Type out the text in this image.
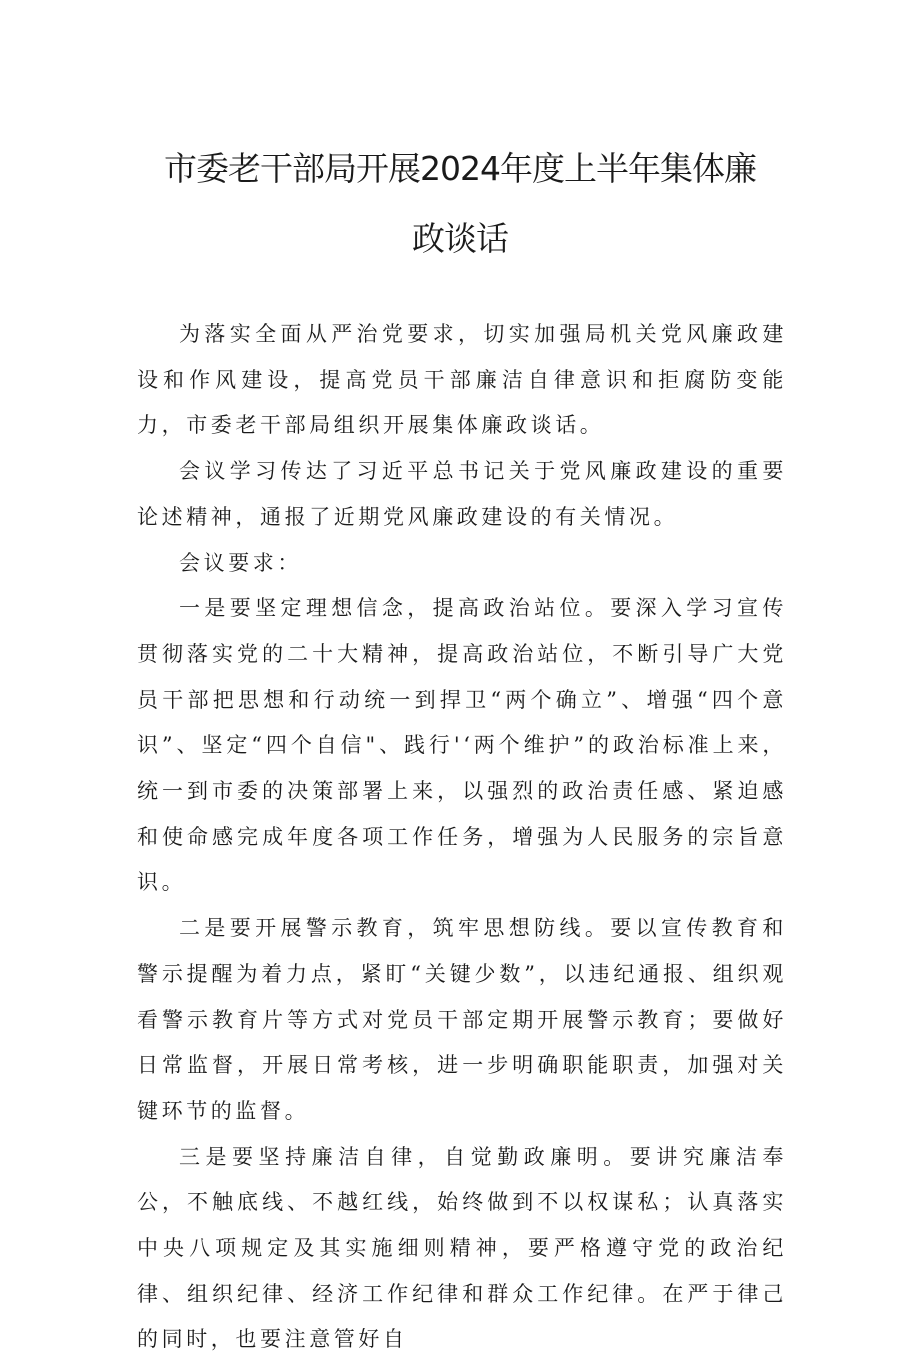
市委老干部局开展2024年度上半年集体廉
政谈话

为落实全面从严治党要求，切实加强局机关党风廉政建设和作风建设，提高党员干部廉洁自律意识和拒腐防变能力，市委老干部局组织开展集体廉政谈话。

会议学习传达了习近平总书记关于党风廉政建设的重要论述精神，通报了近期党风廉政建设的有关情况。

会议要求：

一是要坚定理想信念，提高政治站位。要深入学习宣传贯彻落实党的二十大精神，提高政治站位，不断引导广大党员干部把思想和行动统一到捍卫“两个确立”、增强“四个意识”、坚定“四个自信"、践行'‘两个维护”的政治标准上来，统一到市委的决策部署上来，以强烈的政治责任感、紧迫感和使命感完成年度各项工作任务，增强为人民服务的宗旨意识。

二是要开展警示教育，筑牢思想防线。要以宣传教育和警示提醒为着力点，紧盯“关键少数”，以违纪通报、组织观看警示教育片等方式对党员干部定期开展警示教育；要做好日常监督，开展日常考核，进一步明确职能职责，加强对关键环节的监督。

三是要坚持廉洁自律，自觉勤政廉明。要讲究廉洁奉公，不触底线、不越红线，始终做到不以权谋私；认真落实中央八项规定及其实施细则精神，要严格遵守党的政治纪律、组织纪律、经济工作纪律和群众工作纪律。在严于律己的同时，也要注意管好自
